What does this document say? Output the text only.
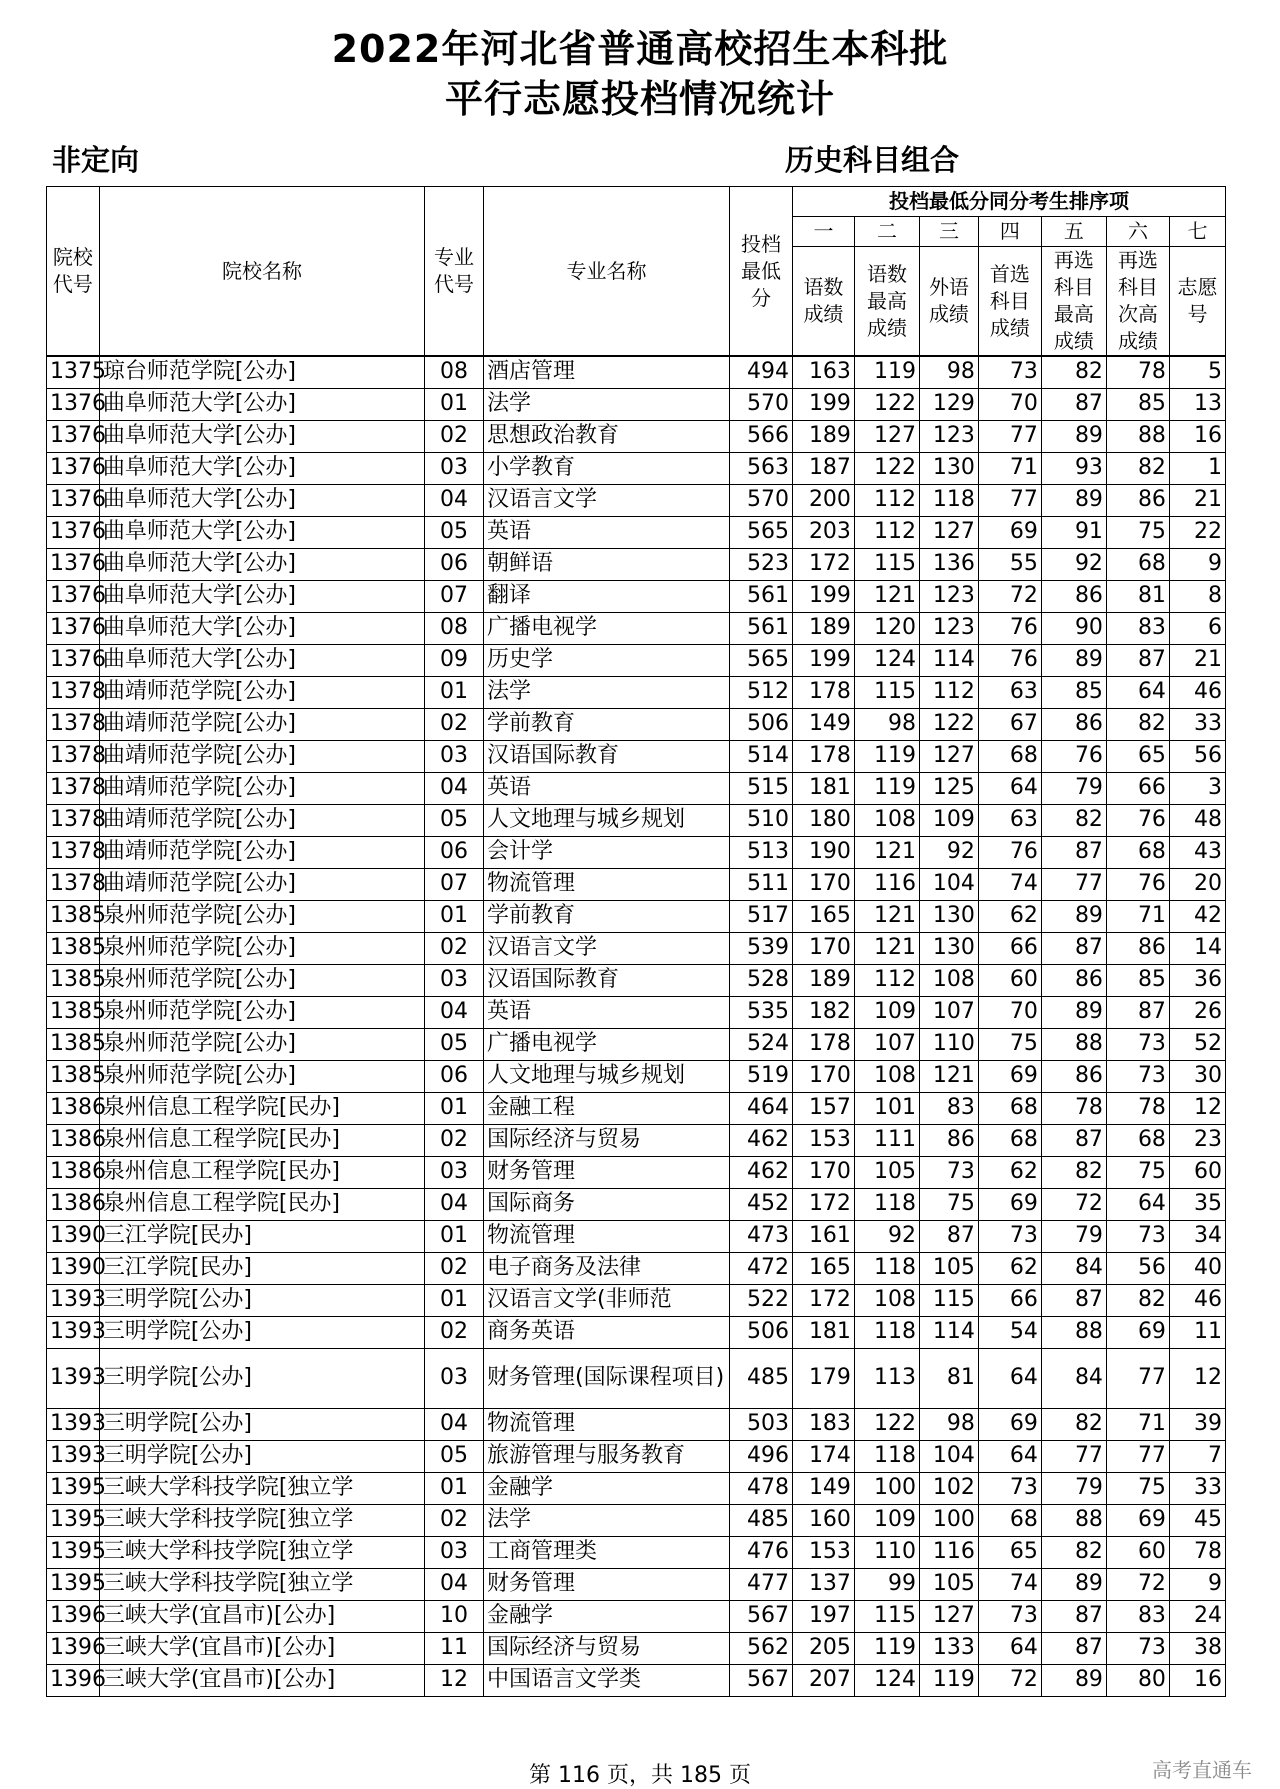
2022年河北省普通高校招生本科批
平行志愿投档情况统计
非定向	历史科目组合
院校代号	院校名称	专业代号	专业名称	投档最低分	投档最低分同分考生排序项						
					一	二	三	四	五	六	七
					语数成绩	语数最高成绩	外语成绩	首选科目成绩	再选科目最高成绩	再选科目次高成绩	志愿号
1375	琼台师范学院[公办]	08	酒店管理	494	163	119	98	73	82	78	5
1376	曲阜师范大学[公办]	01	法学	570	199	122	129	70	87	85	13
1376	曲阜师范大学[公办]	02	思想政治教育	566	189	127	123	77	89	88	16
1376	曲阜师范大学[公办]	03	小学教育	563	187	122	130	71	93	82	1
1376	曲阜师范大学[公办]	04	汉语言文学	570	200	112	118	77	89	86	21
1376	曲阜师范大学[公办]	05	英语	565	203	112	127	69	91	75	22
1376	曲阜师范大学[公办]	06	朝鲜语	523	172	115	136	55	92	68	9
1376	曲阜师范大学[公办]	07	翻译	561	199	121	123	72	86	81	8
1376	曲阜师范大学[公办]	08	广播电视学	561	189	120	123	76	90	83	6
1376	曲阜师范大学[公办]	09	历史学	565	199	124	114	76	89	87	21
1378	曲靖师范学院[公办]	01	法学	512	178	115	112	63	85	64	46
1378	曲靖师范学院[公办]	02	学前教育	506	149	98	122	67	86	82	33
1378	曲靖师范学院[公办]	03	汉语国际教育	514	178	119	127	68	76	65	56
1378	曲靖师范学院[公办]	04	英语	515	181	119	125	64	79	66	3
1378	曲靖师范学院[公办]	05	人文地理与城乡规划	510	180	108	109	63	82	76	48
1378	曲靖师范学院[公办]	06	会计学	513	190	121	92	76	87	68	43
1378	曲靖师范学院[公办]	07	物流管理	511	170	116	104	74	77	76	20
1385	泉州师范学院[公办]	01	学前教育	517	165	121	130	62	89	71	42
1385	泉州师范学院[公办]	02	汉语言文学	539	170	121	130	66	87	86	14
1385	泉州师范学院[公办]	03	汉语国际教育	528	189	112	108	60	86	85	36
1385	泉州师范学院[公办]	04	英语	535	182	109	107	70	89	87	26
1385	泉州师范学院[公办]	05	广播电视学	524	178	107	110	75	88	73	52
1385	泉州师范学院[公办]	06	人文地理与城乡规划	519	170	108	121	69	86	73	30
1386	泉州信息工程学院[民办]	01	金融工程	464	157	101	83	68	78	78	12
1386	泉州信息工程学院[民办]	02	国际经济与贸易	462	153	111	86	68	87	68	23
1386	泉州信息工程学院[民办]	03	财务管理	462	170	105	73	62	82	75	60
1386	泉州信息工程学院[民办]	04	国际商务	452	172	118	75	69	72	64	35
1390	三江学院[民办]	01	物流管理	473	161	92	87	73	79	73	34
1390	三江学院[民办]	02	电子商务及法律	472	165	118	105	62	84	56	40
1393	三明学院[公办]	01	汉语言文学(非师范	522	172	108	115	66	87	82	46
1393	三明学院[公办]	02	商务英语	506	181	118	114	54	88	69	11
1393	三明学院[公办]	03	财务管理(国际课程项目)	485	179	113	81	64	84	77	12
1393	三明学院[公办]	04	物流管理	503	183	122	98	69	82	71	39
1393	三明学院[公办]	05	旅游管理与服务教育	496	174	118	104	64	77	77	7
1395	三峡大学科技学院[独立学	01	金融学	478	149	100	102	73	79	75	33
1395	三峡大学科技学院[独立学	02	法学	485	160	109	100	68	88	69	45
1395	三峡大学科技学院[独立学	03	工商管理类	476	153	110	116	65	82	60	78
1395	三峡大学科技学院[独立学	04	财务管理	477	137	99	105	74	89	72	9
1396	三峡大学(宜昌市)[公办]	10	金融学	567	197	115	127	73	87	83	24
1396	三峡大学(宜昌市)[公办]	11	国际经济与贸易	562	205	119	133	64	87	73	38
1396	三峡大学(宜昌市)[公办]	12	中国语言文学类	567	207	124	119	72	89	80	16
第 116 页，共 185 页	高考直通车
